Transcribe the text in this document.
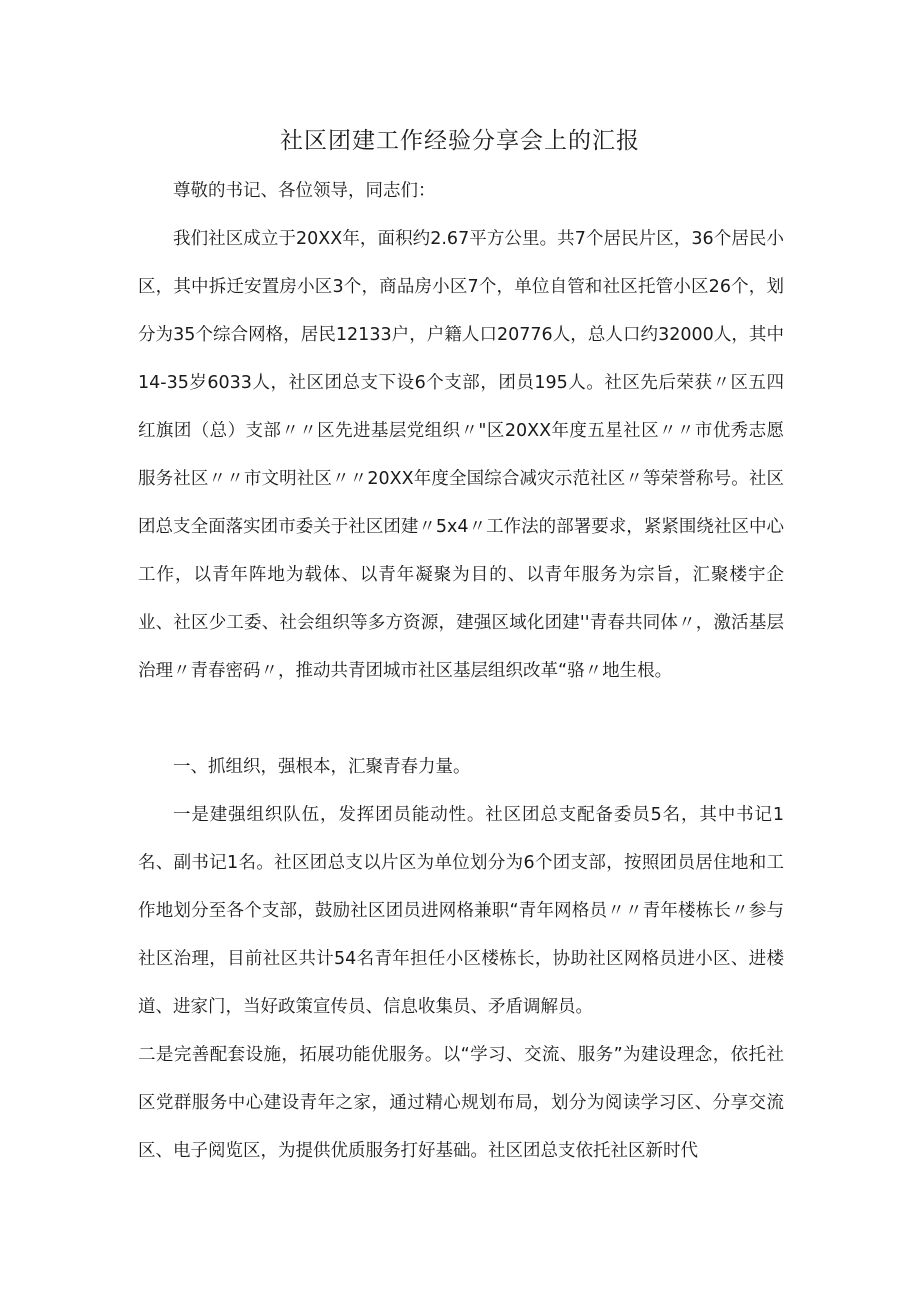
社区团建工作经验分享会上的汇报

尊敬的书记、各位领导，同志们：

我们社区成立于20XX年，面积约2.67平方公里。共7个居民片区，36个居民小区，其中拆迁安置房小区3个，商品房小区7个，单位自管和社区托管小区26个，划分为35个综合网格，居民12133户，户籍人口20776人，总人口约32000人，其中14-35岁6033人，社区团总支下设6个支部，团员195人。社区先后荣获〃区五四红旗团（总）支部〃〃区先进基层党组织〃"区20XX年度五星社区〃〃市优秀志愿服务社区〃〃市文明社区〃〃20XX年度全国综合减灾示范社区〃等荣誉称号。社区团总支全面落实团市委关于社区团建〃5x4〃工作法的部署要求，紧紧围绕社区中心工作，以青年阵地为载体、以青年凝聚为目的、以青年服务为宗旨，汇聚楼宇企业、社区少工委、社会组织等多方资源，建强区域化团建''青春共同体〃，激活基层治理〃青春密码〃，推动共青团城市社区基层组织改革“骆〃地生根。

一、抓组织，强根本，汇聚青春力量。

一是建强组织队伍，发挥团员能动性。社区团总支配备委员5名，其中书记1名、副书记1名。社区团总支以片区为单位划分为6个团支部，按照团员居住地和工作地划分至各个支部，鼓励社区团员进网格兼职“青年网格员〃〃青年楼栋长〃参与社区治理，目前社区共计54名青年担任小区楼栋长，协助社区网格员进小区、进楼道、进家门，当好政策宣传员、信息收集员、矛盾调解员。

二是完善配套设施，拓展功能优服务。以“学习、交流、服务”为建设理念，依托社区党群服务中心建设青年之家，通过精心规划布局，划分为阅读学习区、分享交流区、电子阅览区，为提供优质服务打好基础。社区团总支依托社区新时代
